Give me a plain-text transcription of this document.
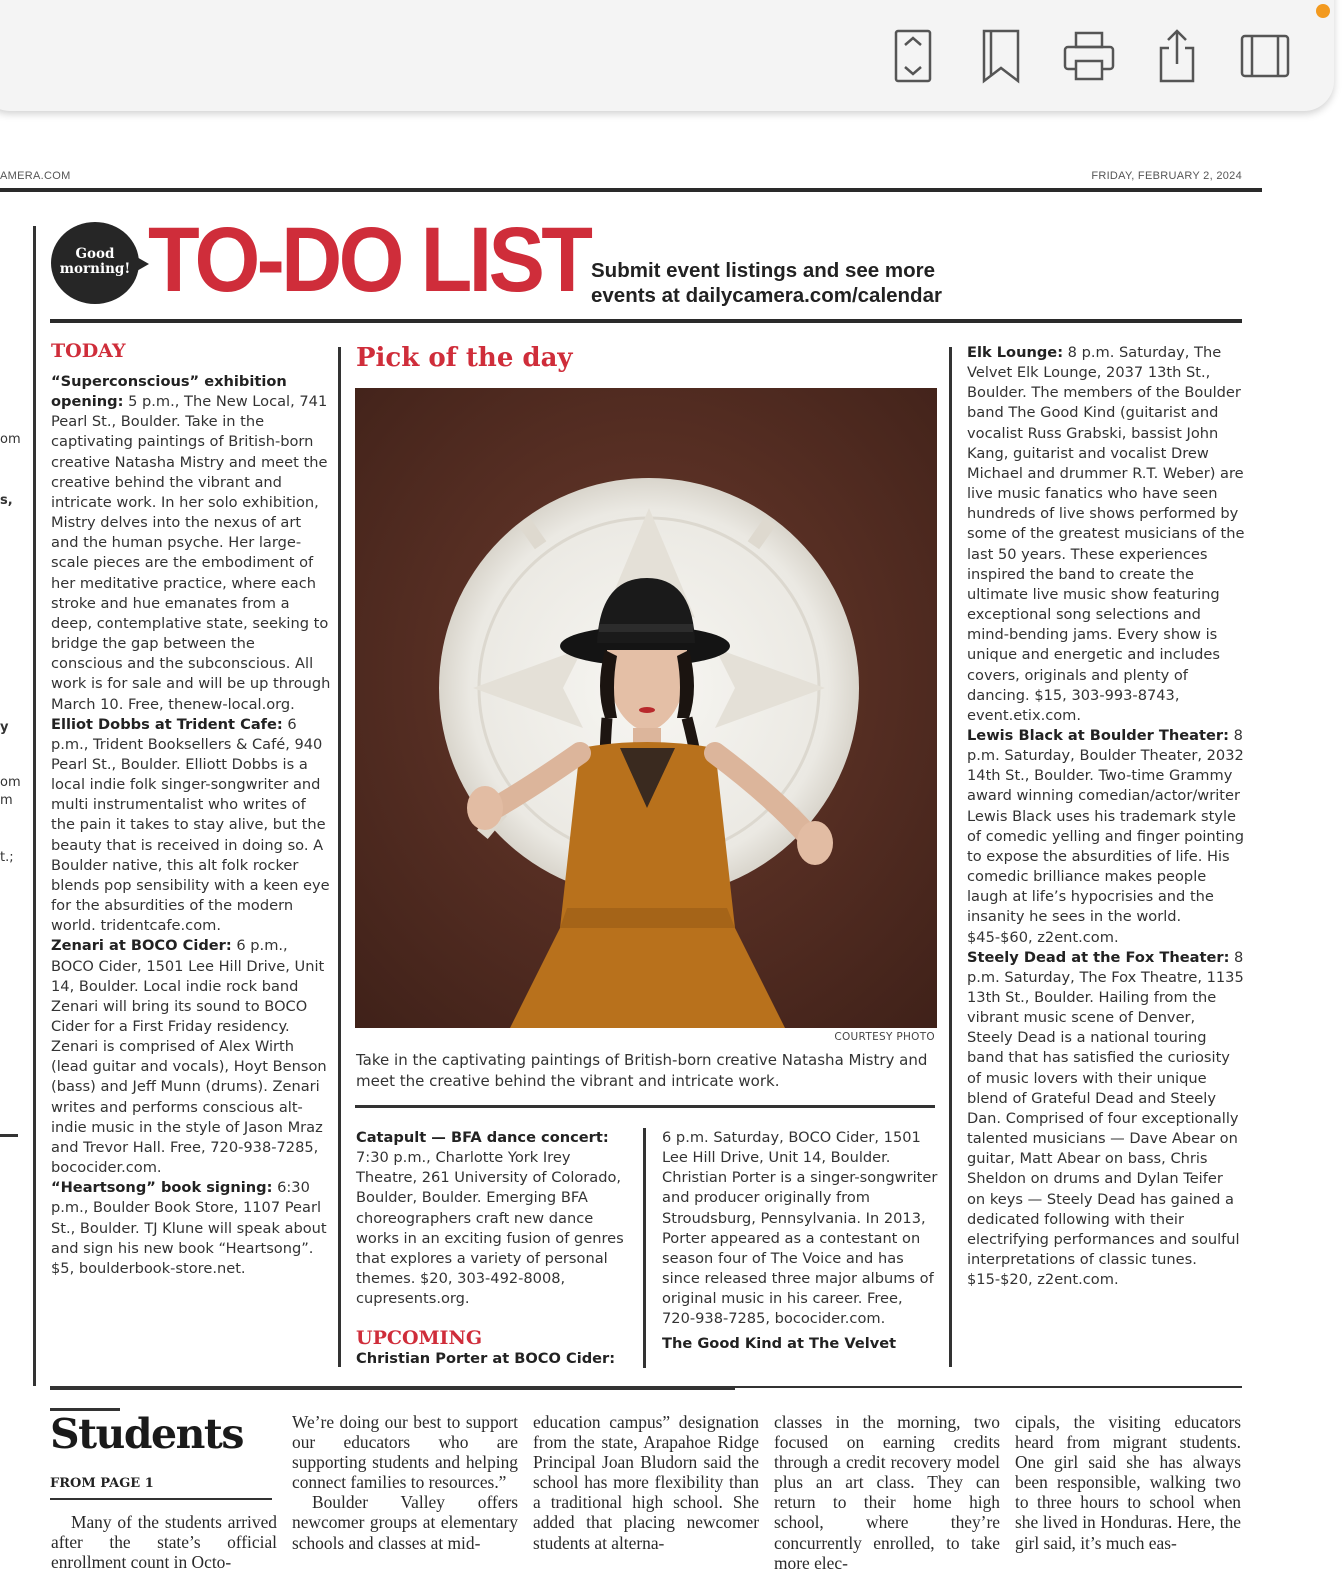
AMERA.COM	FRIDAY, FEBRUARY 2, 2024
om
s,
y
om
m
t.;
Good
morning! TO-DO LIST Submit event listings and see more
events at dailycamera.com/calendar
TODAY

“Superconscious” exhibition opening: 5 p.m., The New Local, 741 Pearl St., Boulder. Take in the captivating paintings of British-born creative Natasha Mistry and meet the creative behind the vibrant and intricate work. In her solo exhibition, Mistry delves into the nexus of art and the human psyche. Her large-scale pieces are the embodiment of her meditative practice, where each stroke and hue emanates from a deep, contemplative state, seeking to bridge the gap between the conscious and the subconscious. All work is for sale and will be up through March 10. Free, thenew-local.org.

Elliot Dobbs at Trident Cafe: 6 p.m., Trident Booksellers & Café, 940 Pearl St., Boulder. Elliott Dobbs is a local indie folk singer-songwriter and multi instrumentalist who writes of the pain it takes to stay alive, but the beauty that is received in doing so. A Boulder native, this alt folk rocker blends pop sensibility with a keen eye for the absurdities of the modern world. tridentcafe.com.

Zenari at BOCO Cider: 6 p.m., BOCO Cider, 1501 Lee Hill Drive, Unit 14, Boulder. Local indie rock band Zenari will bring its sound to BOCO Cider for a First Friday residency. Zenari is comprised of Alex Wirth (lead guitar and vocals), Hoyt Benson (bass) and Jeff Munn (drums). Zenari writes and performs conscious alt-indie music in the style of Jason Mraz and Trevor Hall. Free, 720-938-7285, bococider.com.

“Heartsong” book signing: 6:30 p.m., Boulder Book Store, 1107 Pearl St., Boulder. TJ Klune will speak about and sign his new book “Heartsong”. $5, boulderbook-store.net.

Pick of the day
COURTESY PHOTO
Take in the captivating paintings of British-born creative Natasha Mistry and meet the creative behind the vibrant and intricate work.

Catapult — BFA dance concert: 7:30 p.m., Charlotte York Irey Theatre, 261 University of Colorado, Boulder, Boulder. Emerging BFA choreographers craft new dance works in an exciting fusion of genres that explores a variety of personal themes. $20, 303-492-8008, cupresents.org.

UPCOMING

Christian Porter at BOCO Cider:

6 p.m. Saturday, BOCO Cider, 1501 Lee Hill Drive, Unit 14, Boulder. Christian Porter is a singer-songwriter and producer originally from Stroudsburg, Pennsylvania. In 2013, Porter appeared as a contestant on season four of The Voice and has since released three major albums of original music in his career. Free, 720-938-7285, bococider.com.

The Good Kind at The Velvet

Elk Lounge: 8 p.m. Saturday, The Velvet Elk Lounge, 2037 13th St., Boulder. The members of the Boulder band The Good Kind (guitarist and vocalist Russ Grabski, bassist John Kang, guitarist and vocalist Drew Michael and drummer R.T. Weber) are live music fanatics who have seen hundreds of live shows performed by some of the greatest musicians of the last 50 years. These experiences inspired the band to create the ultimate live music show featuring exceptional song selections and mind-bending jams. Every show is unique and energetic and includes covers, originals and plenty of dancing. $15, 303-993-8743, event.etix.com.

Lewis Black at Boulder Theater: 8 p.m. Saturday, Boulder Theater, 2032 14th St., Boulder. Two-time Grammy award winning comedian/actor/writer Lewis Black uses his trademark style of comedic yelling and finger pointing to expose the absurdities of life. His comedic brilliance makes people laugh at life’s hypocrisies and the insanity he sees in the world. $45-$60, z2ent.com.

Steely Dead at the Fox Theater: 8 p.m. Saturday, The Fox Theatre, 1135 13th St., Boulder. Hailing from the vibrant music scene of Denver, Steely Dead is a national touring band that has satisfied the curiosity of music lovers with their unique blend of Grateful Dead and Steely Dan. Comprised of four exceptionally talented musicians — Dave Abear on guitar, Matt Abear on bass, Chris Sheldon on drums and Dylan Teifer on keys — Steely Dead has gained a dedicated following with their electrifying performances and soulful interpretations of classic tunes. $15-$20, z2ent.com.

Students
FROM PAGE 1
Many of the students arrived after the state’s official enrollment count in Octo-
We’re doing our best to support our educators who are supporting students and helping connect families to resources.”
Boulder Valley offers newcomer groups at elementary schools and classes at mid-
education campus” designation from the state, Arapahoe Ridge Principal Joan Bludorn said the school has more flexibility than a traditional high school. She added that placing newcomer students at alterna-
classes in the morning, two focused on earning credits through a credit recovery model plus an art class. They can return to their home high school, where they’re concurrently enrolled, to take more elec-
cipals, the visiting educators heard from migrant students. One girl said she has always been responsible, walking two to three hours to school when she lived in Honduras. Here, the girl said, it’s much eas-
